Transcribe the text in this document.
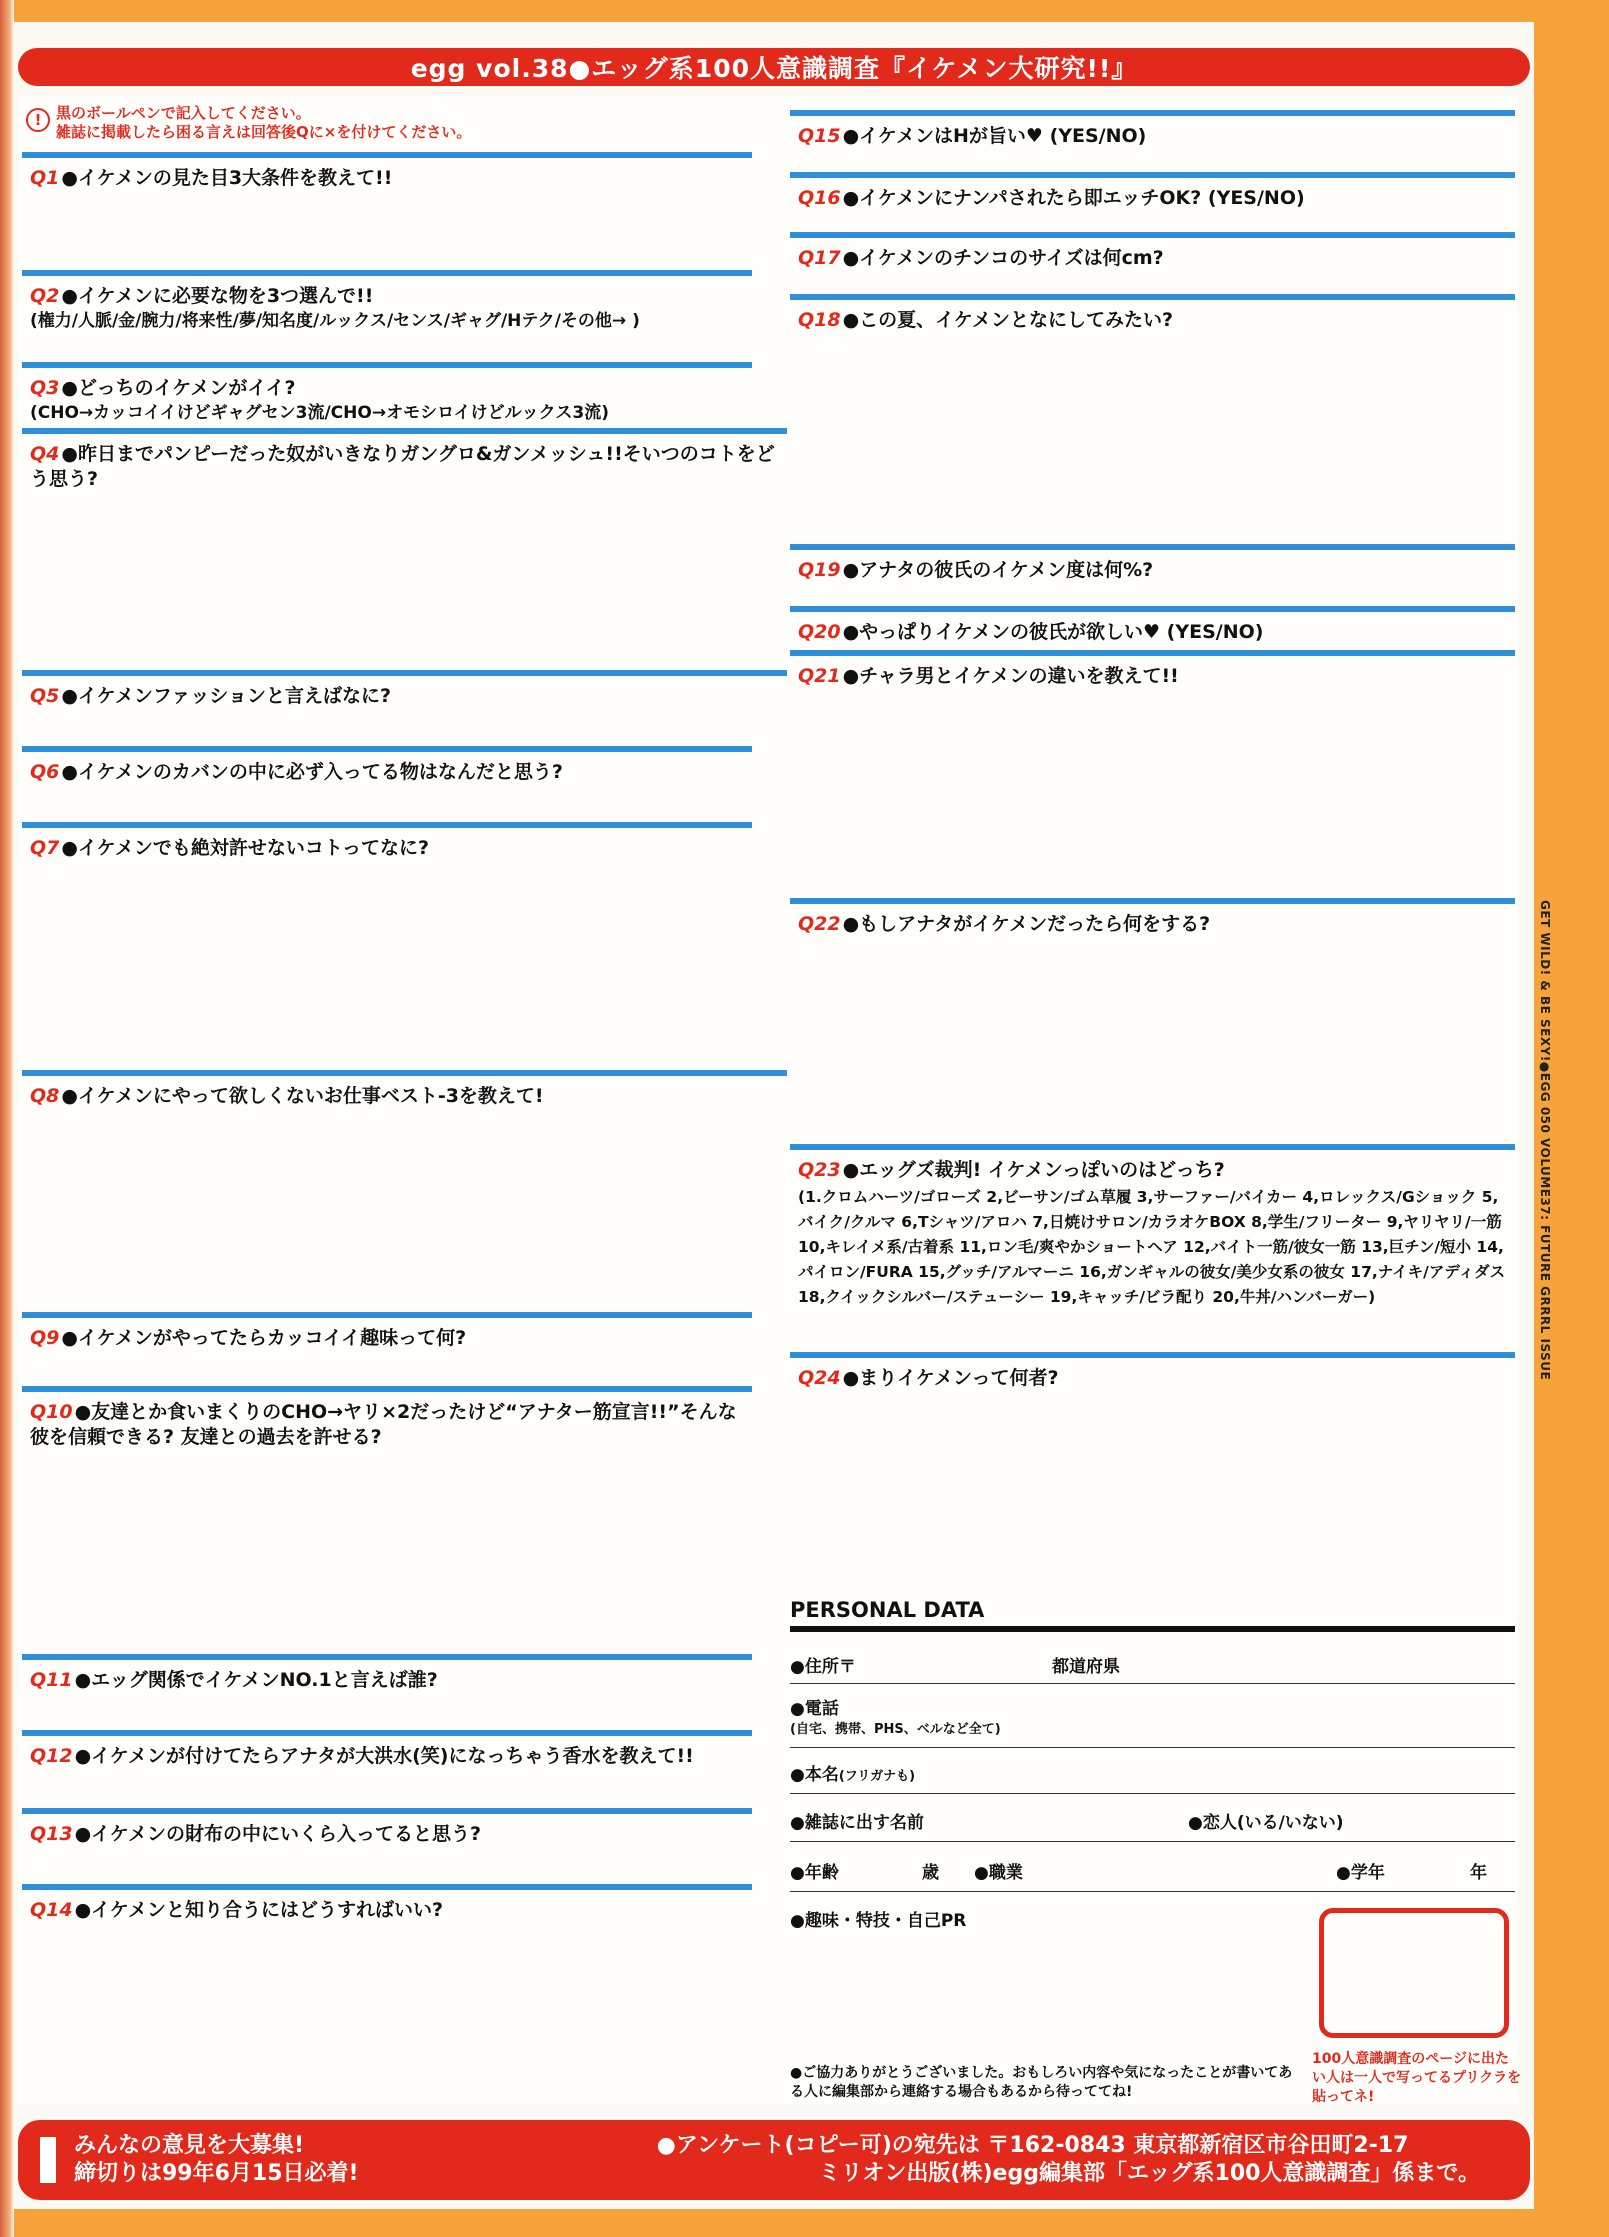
egg vol.38●エッグ系100人意識調査『イケメン大研究!!』
! 黒のボールペンで記入してください。
雑誌に掲載したら困る言えは回答後Qに×を付けてください。
Q1 ●イケメンの見た目3大条件を教えて!!
Q2 ●イケメンに必要な物を3つ選んで!!
(権力/人脈/金/腕力/将来性/夢/知名度/ルックス/センス/ギャグ/Hテク/その他→ )
Q3 ●どっちのイケメンがイイ?
(CHO→カッコイイけどギャグセン3流/CHO→オモシロイけどルックス3流)
Q4 ●昨日までパンピーだった奴がいきなりガングロ&ガンメッシュ!!そいつのコトをどう思う?
Q5 ●イケメンファッションと言えばなに?
Q6 ●イケメンのカバンの中に必ず入ってる物はなんだと思う?
Q7 ●イケメンでも絶対許せないコトってなに?
Q8 ●イケメンにやって欲しくないお仕事ベスト-3を教えて!
Q9 ●イケメンがやってたらカッコイイ趣味って何?
Q10 ●友達とか食いまくりのCHO→ヤリ×2だったけど“アナター筋宣言!!”そんな彼を信頼できる? 友達との過去を許せる?
Q11 ●エッグ関係でイケメンNO.1と言えば誰?
Q12 ●イケメンが付けてたらアナタが大洪水(笑)になっちゃう香水を教えて!!
Q13 ●イケメンの財布の中にいくら入ってると思う?
Q14 ●イケメンと知り合うにはどうすればいい?
Q15 ●イケメンはHが旨い♥ (YES/NO)
Q16 ●イケメンにナンパされたら即エッチOK? (YES/NO)
Q17 ●イケメンのチンコのサイズは何cm?
Q18 ●この夏、イケメンとなにしてみたい?
Q19 ●アナタの彼氏のイケメン度は何%?
Q20 ●やっぱりイケメンの彼氏が欲しい♥ (YES/NO)
Q21 ●チャラ男とイケメンの違いを教えて!!
Q22 ●もしアナタがイケメンだったら何をする?
Q23 ●エッグズ裁判! イケメンっぽいのはどっち?
(1.クロムハーツ/ゴローズ 2,ビーサン/ゴム草履 3,サーファー/バイカー 4,ロレックス/Gショック 5,バイク/クルマ 6,Tシャツ/アロハ 7,日焼けサロン/カラオケBOX 8,学生/フリーター 9,ヤリヤリ/一筋 10,キレイメ系/古着系 11,ロン毛/爽やかショートヘア 12,バイト一筋/彼女一筋 13,巨チン/短小 14,パイロン/FURA 15,グッチ/アルマーニ 16,ガンギャルの彼女/美少女系の彼女 17,ナイキ/アディダス 18,クイックシルバー/ステューシー 19,キャッチ/ビラ配り 20,牛丼/ハンバーガー)
Q24 ●まりイケメンって何者?
PERSONAL DATA
●住所〒	都道府県
●電話
(自宅、携帯、PHS、ベルなど全て)
●本名(フリガナも)
●雑誌に出す名前	●恋人(いる/いない)
●年齢	歳 ●職業	●学年	年
●趣味・特技・自己PR
100人意識調査のページに出たい人は一人で写ってるプリクラを貼ってネ!
●ご協力ありがとうございました。おもしろい内容や気になったことが書いてある人に編集部から連絡する場合もあるから待っててね!
GET WILD! & BE SEXY!●EGG 050 VOLUME37: FUTURE GRRRL ISSUE
みんなの意見を大募集!
締切りは99年6月15日必着!
●アンケート(コピー可)の宛先は 〒162-0843 東京都新宿区市谷田町2-17
ミリオン出版(株)egg編集部「エッグ系100人意識調査」係まで。
